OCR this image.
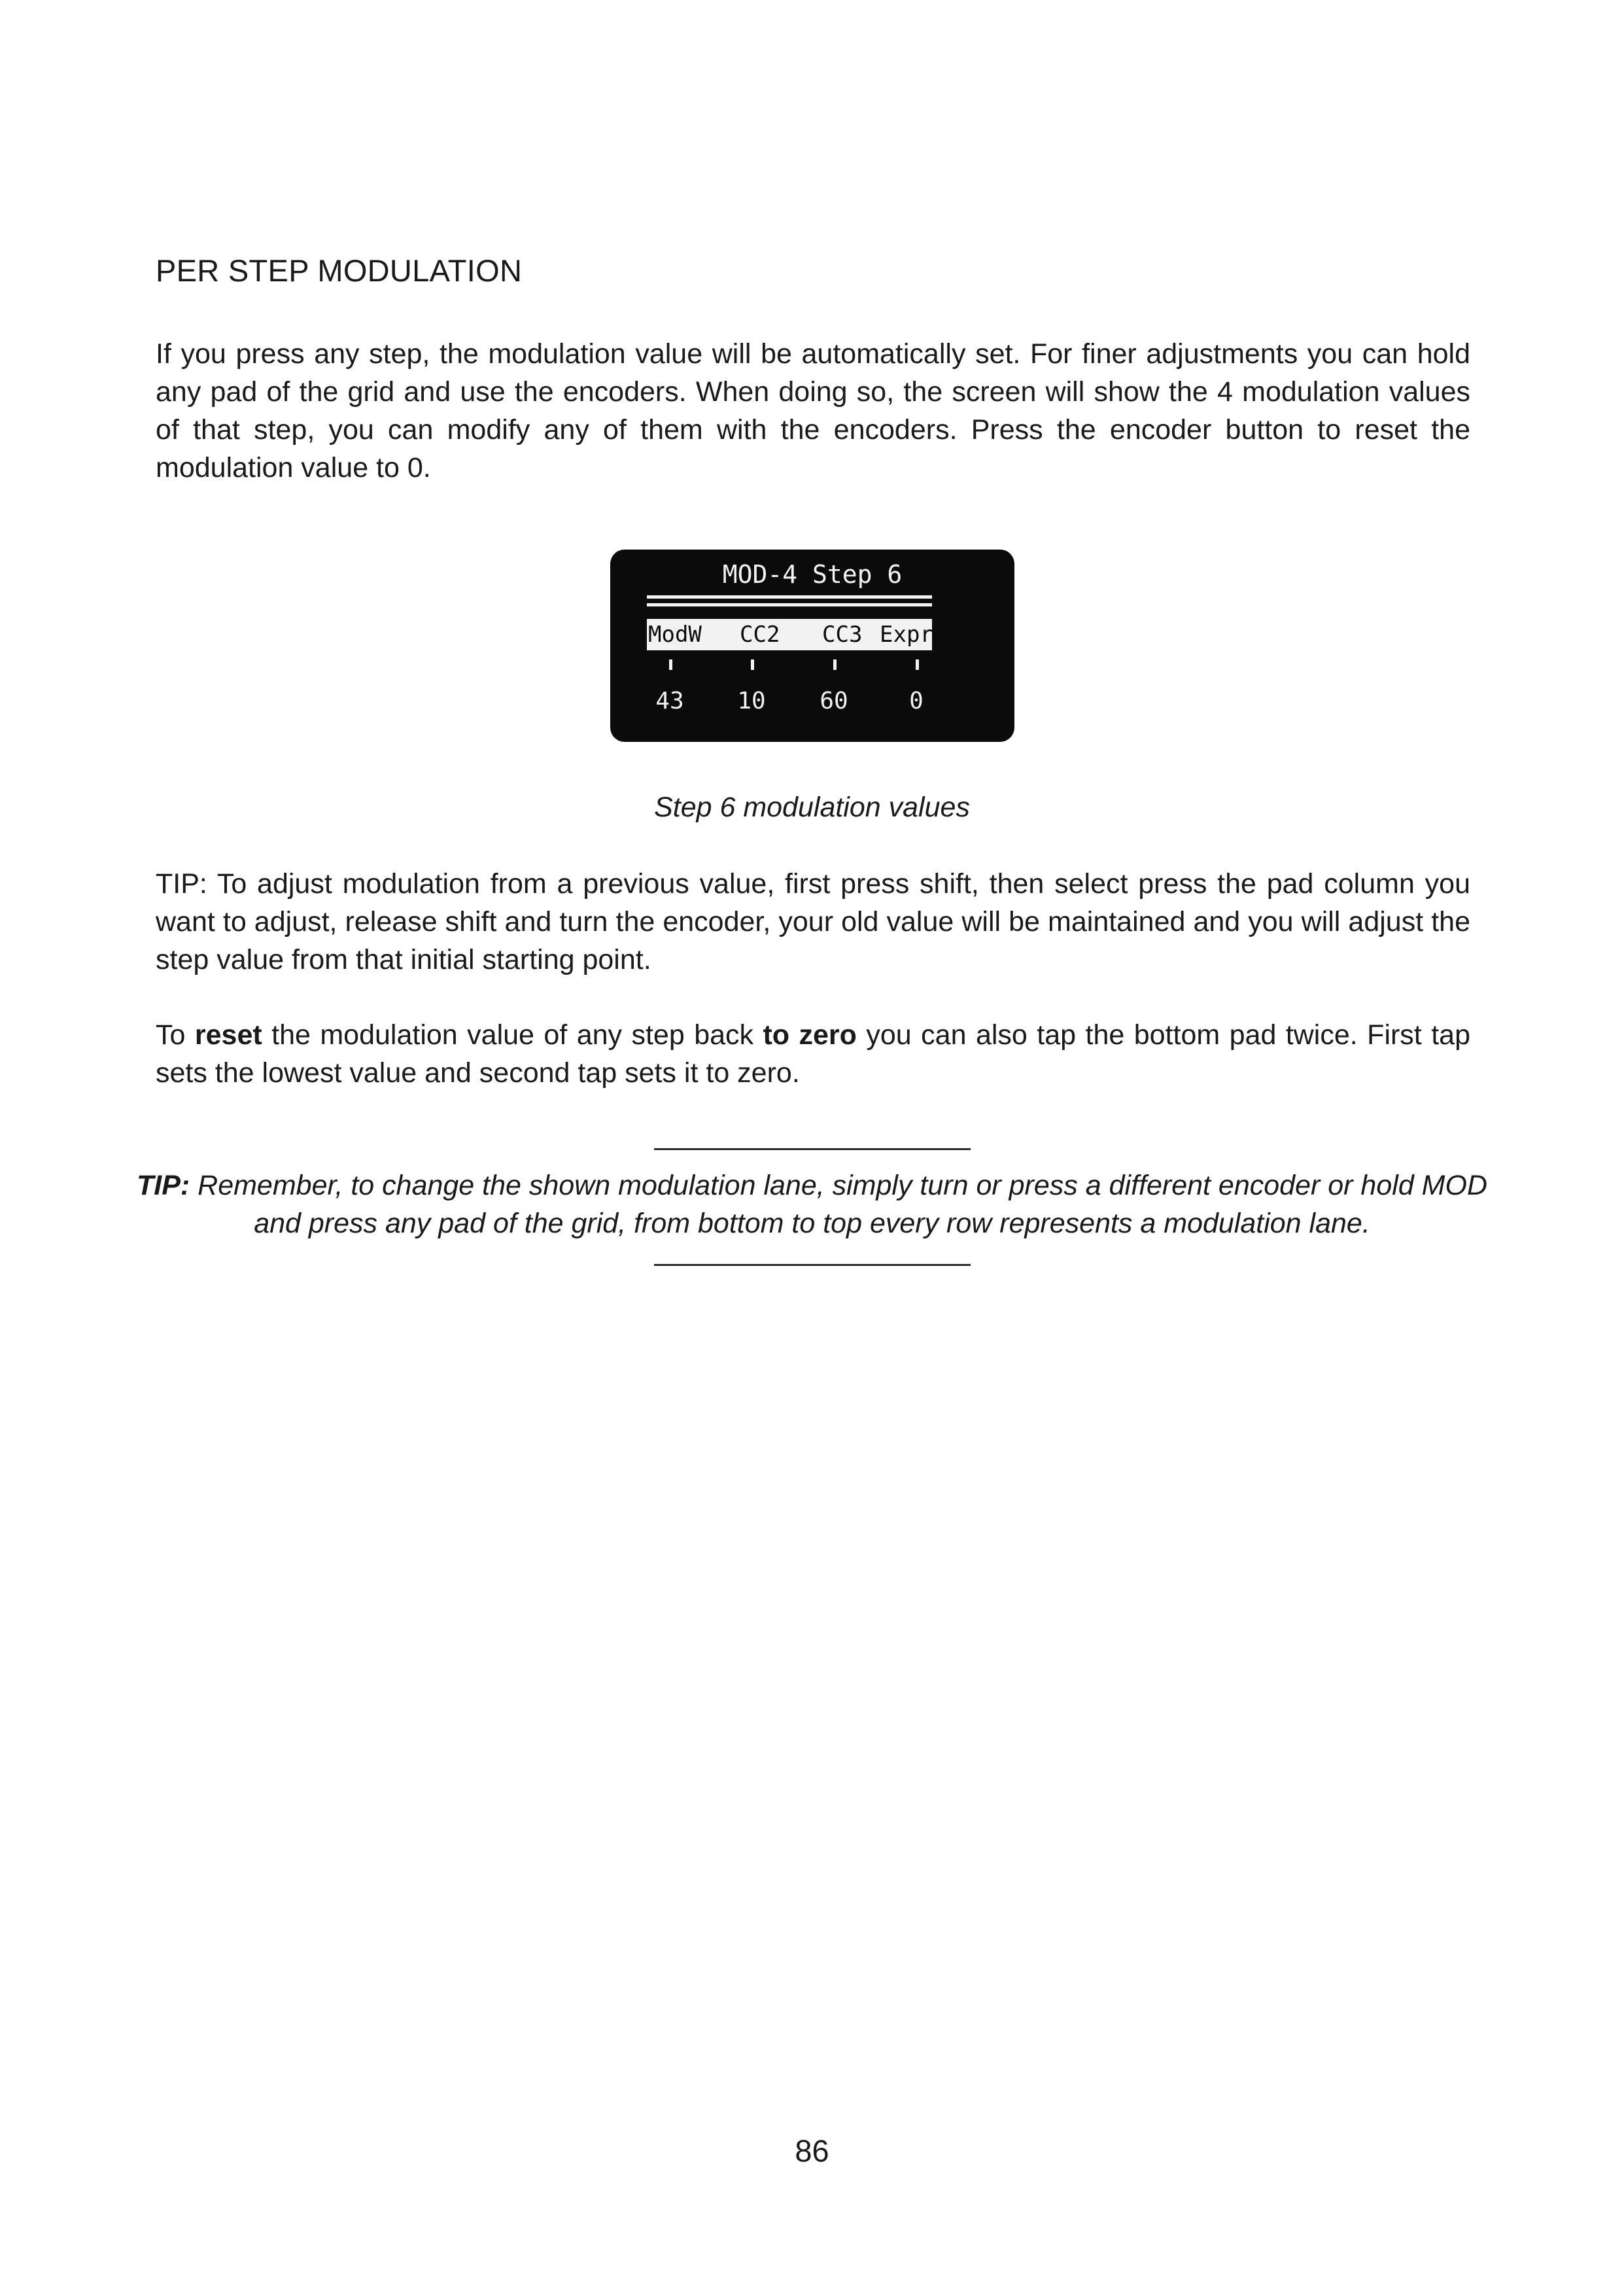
PER STEP MODULATION
If you press any step, the modulation value will be automatically set. For finer adjustments you can hold any pad of the grid and use the encoders. When doing so, the screen will show the 4 modulation values of that step, you can modify any of them with the encoders. Press the encoder button to reset the modulation value to 0.
MOD-4 Step 6
ModW CC2 CC3 Expr
43	10	60	0
Step 6 modulation values
TIP: To adjust modulation from a previous value, first press shift, then select press the pad column you want to adjust, release shift and turn the encoder, your old value will be maintained and you will adjust the step value from that initial starting point.
To reset the modulation value of any step back to zero you can also tap the bottom pad twice. First tap sets the lowest value and second tap sets it to zero.
TIP: Remember, to change the shown modulation lane, simply turn or press a different encoder or hold MOD and press any pad of the grid, from bottom to top every row represents a modulation lane.
86
